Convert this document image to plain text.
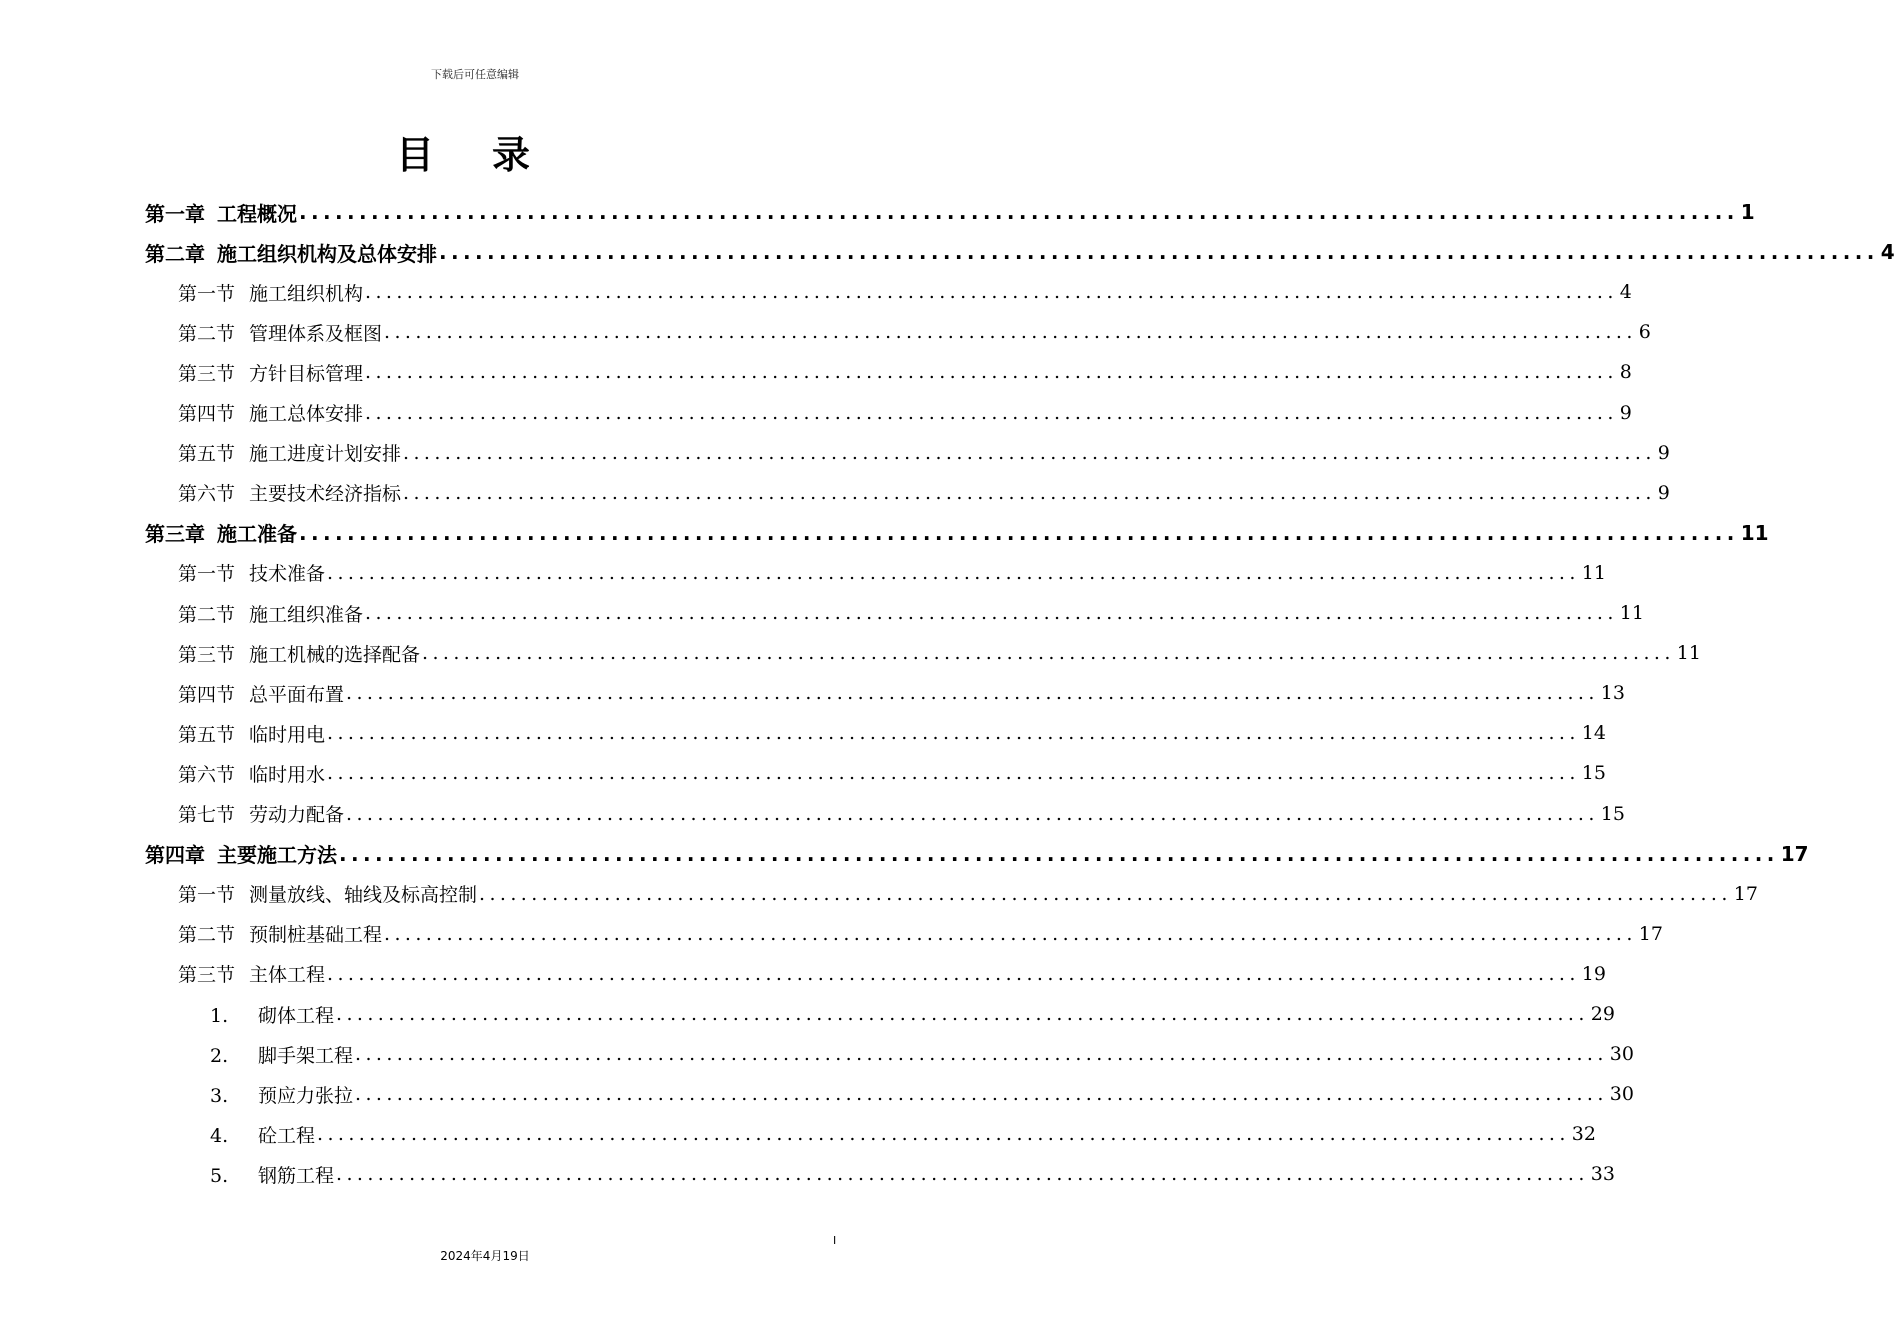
下载后可任意编辑
目录
第一章 工程概况 ........................................................................................................................ 1
第二章 施工组织机构及总体安排 ........................................................................................................................ 4
第一节 施工组织机构 ........................................................................................................................ 4
第二节 管理体系及框图 ........................................................................................................................ 6
第三节 方针目标管理 ........................................................................................................................ 8
第四节 施工总体安排 ........................................................................................................................ 9
第五节 施工进度计划安排 ........................................................................................................................ 9
第六节 主要技术经济指标 ........................................................................................................................ 9
第三章 施工准备 ........................................................................................................................ 11
第一节 技术准备 ........................................................................................................................ 11
第二节 施工组织准备 ........................................................................................................................ 11
第三节 施工机械的选择配备 ........................................................................................................................ 11
第四节 总平面布置 ........................................................................................................................ 13
第五节 临时用电 ........................................................................................................................ 14
第六节 临时用水 ........................................................................................................................ 15
第七节 劳动力配备 ........................................................................................................................ 15
第四章 主要施工方法 ........................................................................................................................ 17
第一节 测量放线、轴线及标高控制 ........................................................................................................................ 17
第二节 预制桩基础工程 ........................................................................................................................ 17
第三节 主体工程 ........................................................................................................................ 19
1. 砌体工程 ........................................................................................................................ 29
2. 脚手架工程 ........................................................................................................................ 30
3. 预应力张拉 ........................................................................................................................ 30
4. 砼工程 ........................................................................................................................ 32
5. 钢筋工程 ........................................................................................................................ 33
I
2024年4月19日
